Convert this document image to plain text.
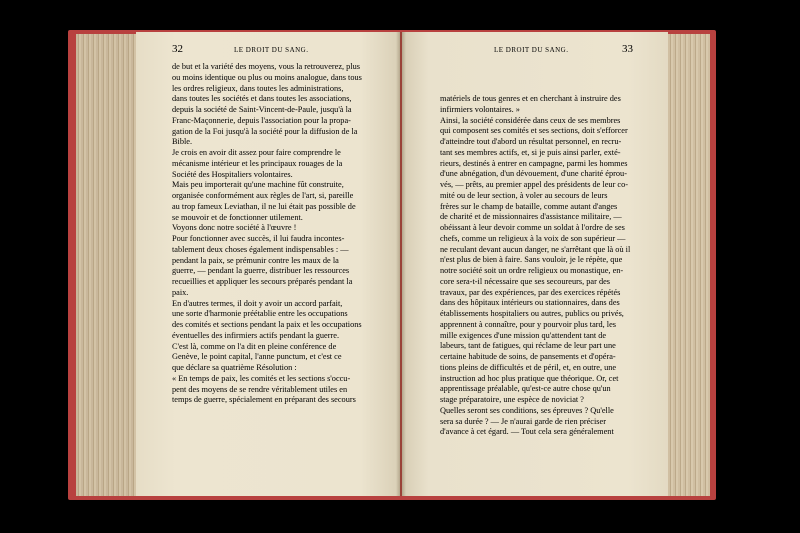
32	LE DROIT DU SANG.	33
LE DROIT DU SANG.
de but et la variété des moyens, vous la retrouverez, plus
ou moins identique ou plus ou moins analogue, dans tous
les ordres religieux, dans toutes les administrations,
dans toutes les sociétés et dans toutes les associations,
depuis la société de Saint-Vincent-de-Paule, jusqu'à la
Franc-Maçonnerie, depuis l'association pour la propa-
gation de la Foi jusqu'à la société pour la diffusion de la
Bible.
Je crois en avoir dit assez pour faire comprendre le
mécanisme intérieur et les principaux rouages de la
Société des Hospitaliers volontaires.
Mais peu importerait qu'une machine fût construite,
organisée conformément aux règles de l'art, si, pareille
au trop fameux Leviathan, il ne lui était pas possible de
se mouvoir et de fonctionner utilement.
Voyons donc notre société à l'œuvre !
Pour fonctionner avec succès, il lui faudra incontes-
tablement deux choses également indispensables : —
pendant la paix, se prémunir contre les maux de la
guerre, — pendant la guerre, distribuer les ressources
recueillies et appliquer les secours préparés pendant la
paix.
En d'autres termes, il doit y avoir un accord parfait,
une sorte d'harmonie préétablie entre les occupations
des comités et sections pendant la paix et les occupations
éventuelles des infirmiers actifs pendant la guerre.
C'est là, comme on l'a dit en pleine conférence de
Genève, le point capital, l'anne punctum, et c'est ce
que déclare sa quatrième Résolution :
« En temps de paix, les comités et les sections s'occu-
pent des moyens de se rendre véritablement utiles en
temps de guerre, spécialement en préparant des secours
matériels de tous genres et en cherchant à instruire des
infirmiers volontaires. »
Ainsi, la société considérée dans ceux de ses membres
qui composent ses comités et ses sections, doit s'efforcer
d'atteindre tout d'abord un résultat personnel, en recru-
tant ses membres actifs, et, si je puis ainsi parler, exté-
rieurs, destinés à entrer en campagne, parmi les hommes
d'une abnégation, d'un dévouement, d'une charité éprou-
vés, — prêts, au premier appel des présidents de leur co-
mité ou de leur section, à voler au secours de leurs
frères sur le champ de bataille, comme autant d'anges
de charité et de missionnaires d'assistance militaire, —
obéissant à leur devoir comme un soldat à l'ordre de ses
chefs, comme un religieux à la voix de son supérieur —
ne reculant devant aucun danger, ne s'arrêtant que là où il
n'est plus de bien à faire. Sans vouloir, je le répète, que
notre société soit un ordre religieux ou monastique, en-
core sera-t-il nécessaire que ses secoureurs, par des
travaux, par des expériences, par des exercices répétés
dans des hôpitaux intérieurs ou stationnaires, dans des
établissements hospitaliers ou autres, publics ou privés,
apprennent à connaître, pour y pourvoir plus tard, les
mille exigences d'une mission qu'attendent tant de
labeurs, tant de fatigues, qui réclame de leur part une
certaine habitude de soins, de pansements et d'opéra-
tions pleins de difficultés et de péril, et, en outre, une
instruction ad hoc plus pratique que théorique. Or, cet
apprentissage préalable, qu'est-ce autre chose qu'un
stage préparatoire, une espèce de noviciat ?
Quelles seront ses conditions, ses épreuves ? Qu'elle
sera sa durée ? — Je n'aurai garde de rien préciser
d'avance à cet égard. — Tout cela sera généralement
